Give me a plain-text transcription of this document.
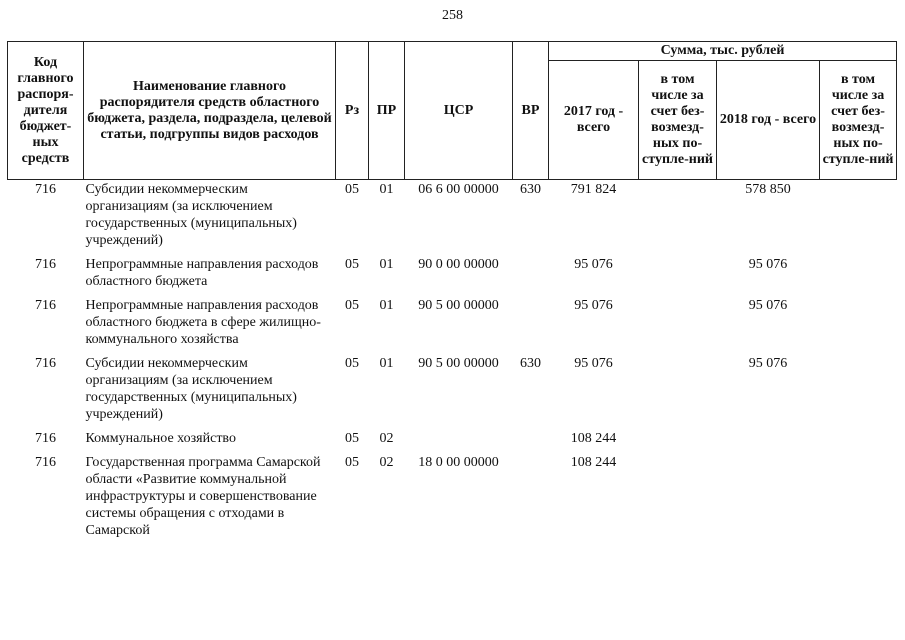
258
Код главного распоря-дителя бюджет-ных средств	Наименование главного распорядителя средств областного бюджета, раздела, подраздела, целевой статьи, подгруппы видов расходов	Рз	ПР	ЦСР	ВР	Сумма, тыс. рублей			
						2017 год - всего	в том числе за счет без-возмезд-ных по-ступле-ний	2018 год - всего	в том числе за счет без-возмезд-ных по-ступле-ний
716	Субсидии некоммерческим организациям (за исключением государственных (муниципальных) учреждений)	05	01	06 6 00 00000	630	791 824		578 850	
716	Непрограммные направления расходов областного бюджета	05	01	90 0 00 00000		95 076		95 076	
716	Непрограммные направления расходов областного бюджета в сфере жилищно-коммунального хозяйства	05	01	90 5 00 00000		95 076		95 076	
716	Субсидии некоммерческим организациям (за исключением государственных (муниципальных) учреждений)	05	01	90 5 00 00000	630	95 076		95 076	
716	Коммунальное хозяйство	05	02			108 244			
716	Государственная программа Самарской области «Развитие коммунальной инфраструктуры и совершенствование системы обращения с отходами в Самарской	05	02	18 0 00 00000		108 244			
